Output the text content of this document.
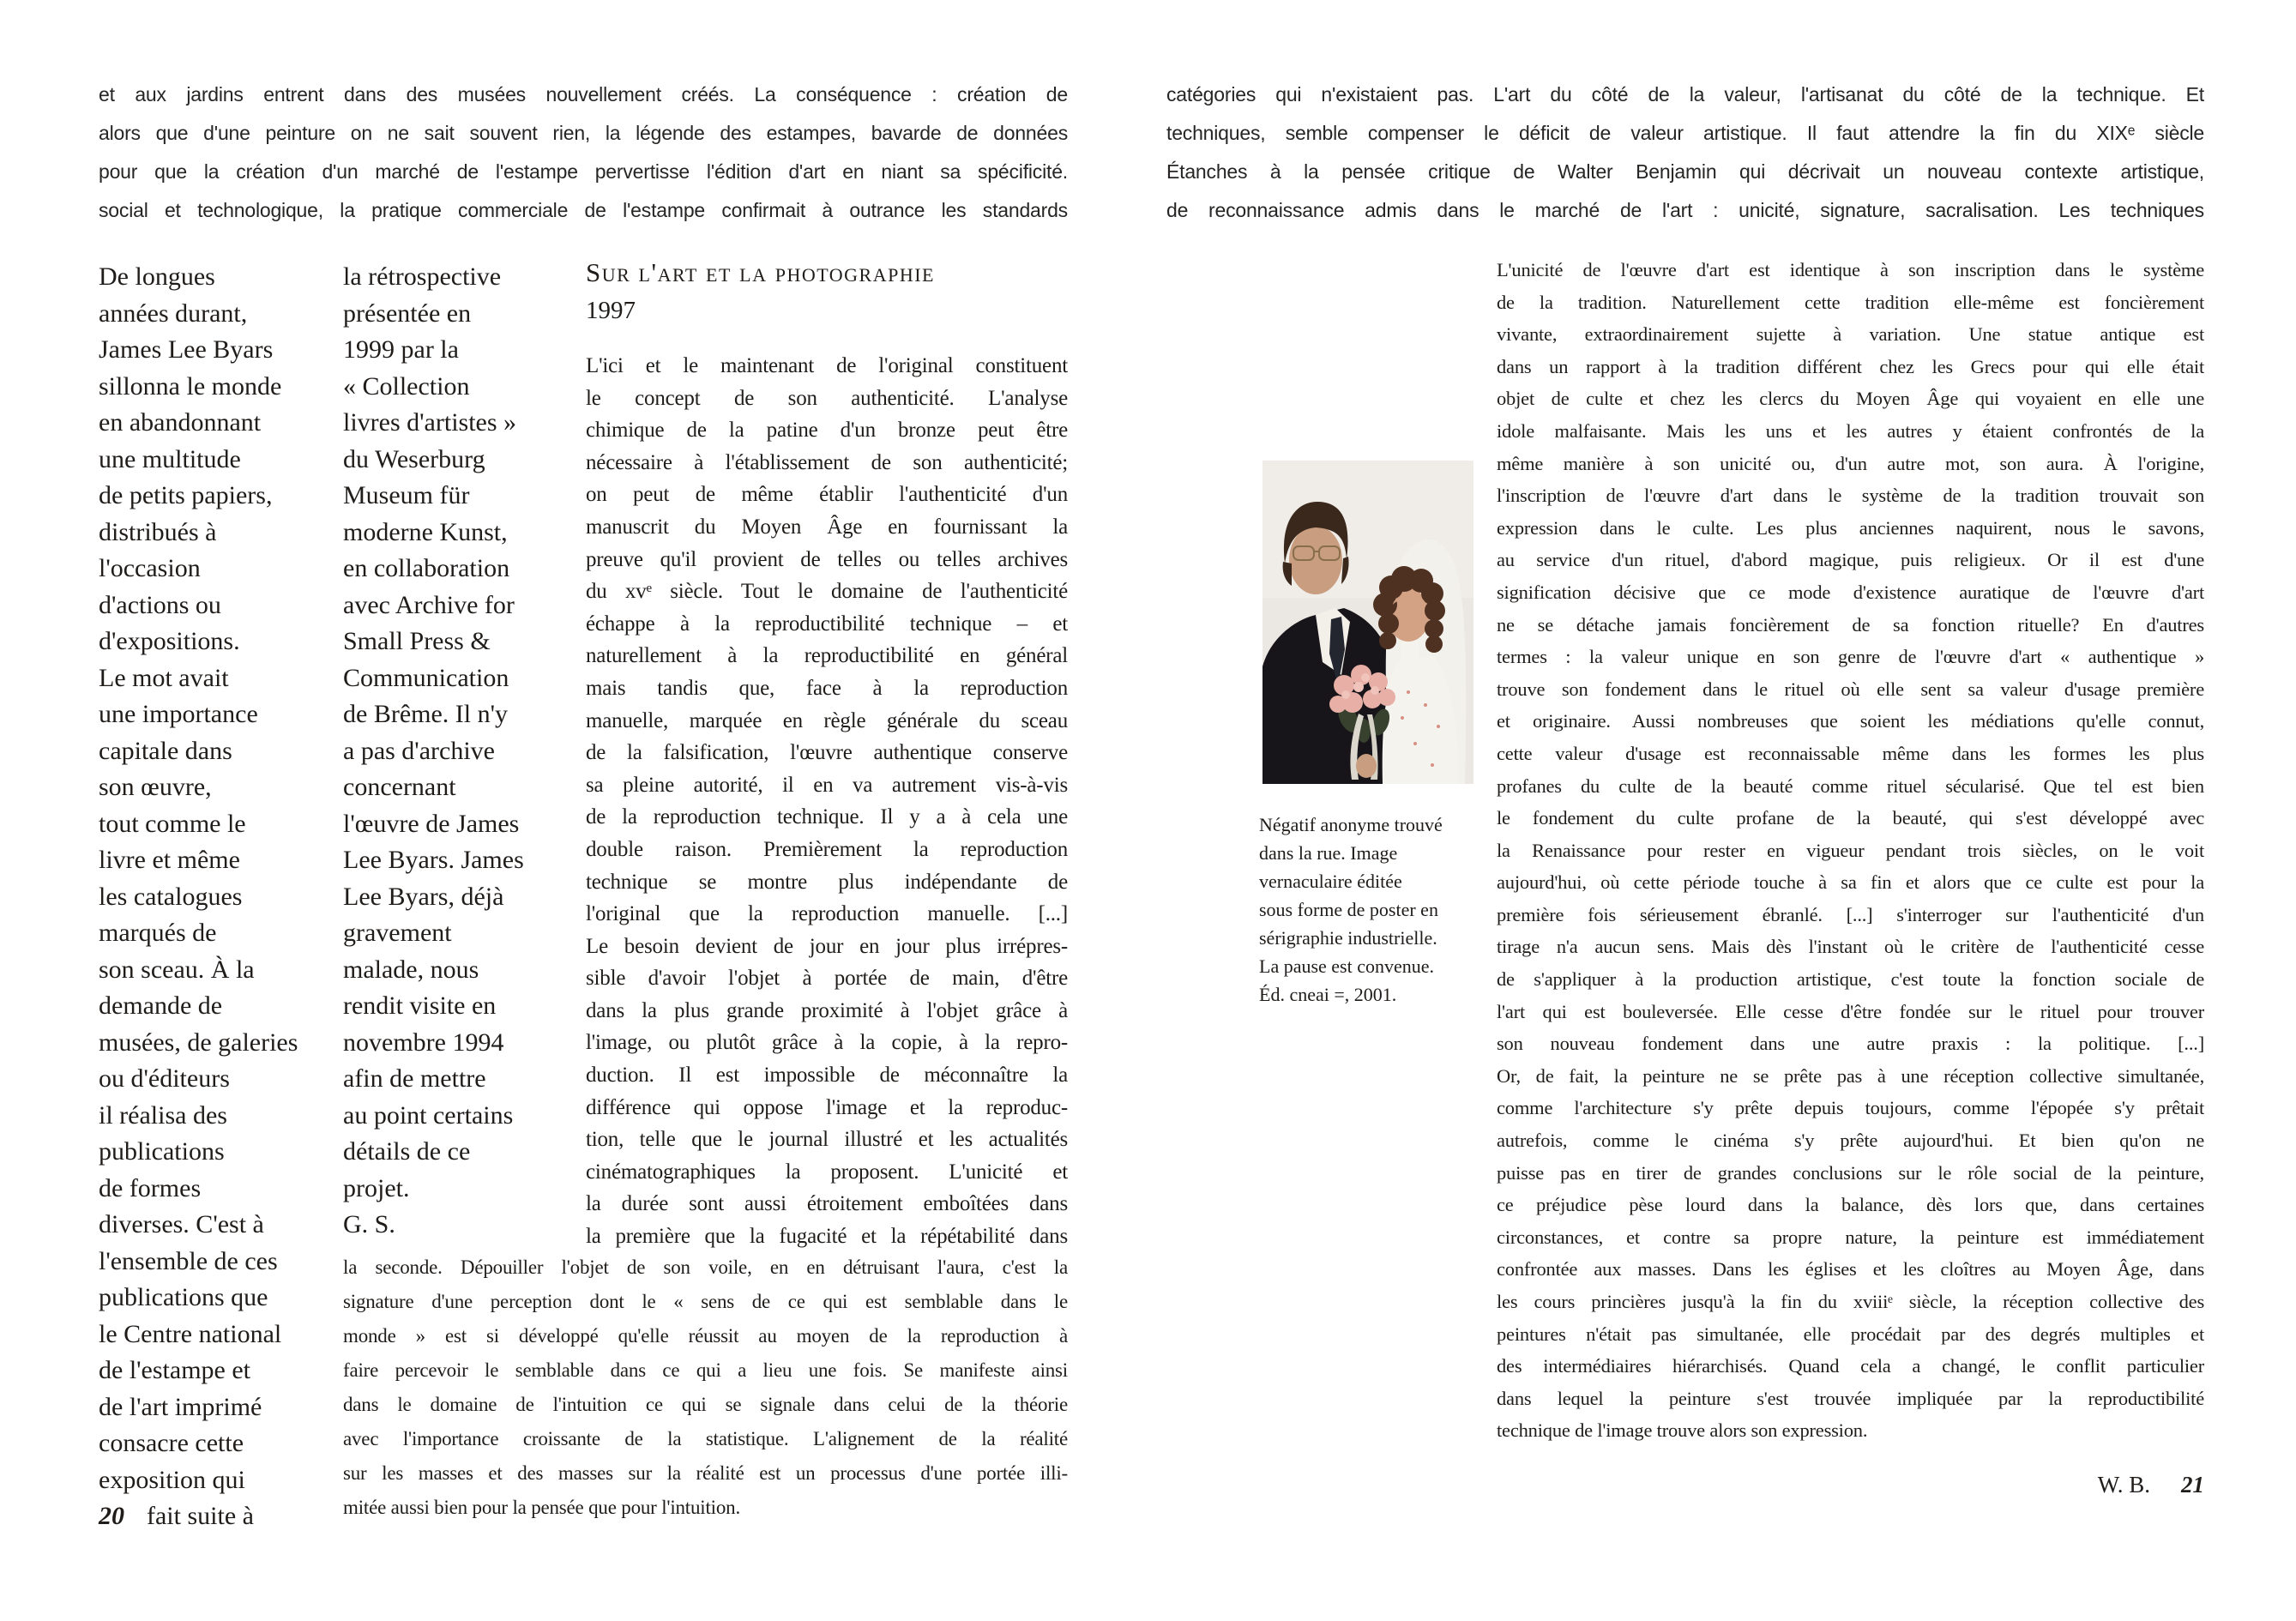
et aux jardins entrent dans des musées nouvellement créés. La conséquence : création de
alors que d'une peinture on ne sait souvent rien, la légende des estampes, bavarde de données
pour que la création d'un marché de l'estampe pervertisse l'édition d'art en niant sa spécificité.
social et technologique, la pratique commerciale de l'estampe confirmait à outrance les standards
catégories qui n'existaient pas. L'art du côté de la valeur, l'artisanat du côté de la technique. Et
techniques, semble compenser le déficit de valeur artistique. Il faut attendre la fin du XIXᵉ siècle
Étanches à la pensée critique de Walter Benjamin qui décrivait un nouveau contexte artistique,
de reconnaissance admis dans le marché de l'art : unicité, signature, sacralisation. Les techniques
De longues
années durant,
James Lee Byars
sillonna le monde
en abandonnant
une multitude
de petits papiers,
distribués à
l'occasion
d'actions ou
d'expositions.
Le mot avait
une importance
capitale dans
son œuvre,
tout comme le
livre et même
les catalogues
marqués de
son sceau. À la
demande de
musées, de galeries
ou d'éditeurs
il réalisa des
publications
de formes
diverses. C'est à
l'ensemble de ces
publications que
le Centre national
de l'estampe et
de l'art imprimé
consacre cette
exposition qui
20 fait suite à
la rétrospective
présentée en
1999 par la
« Collection
livres d'artistes »
du Weserburg
Museum für
moderne Kunst,
en collaboration
avec Archive for
Small Press &
Communication
de Brême. Il n'y
a pas d'archive
concernant
l'œuvre de James
Lee Byars. James
Lee Byars, déjà
gravement
malade, nous
rendit visite en
novembre 1994
afin de mettre
au point certains
détails de ce
projet.
G. S.
Sur l'art et la photographie
1997
L'ici et le maintenant de l'original constituent
le concept de son authenticité. L'analyse
chimique de la patine d'un bronze peut être
nécessaire à l'établissement de son authenticité;
on peut de même établir l'authenticité d'un
manuscrit du Moyen Âge en fournissant la
preuve qu'il provient de telles ou telles archives
du xvᵉ siècle. Tout le domaine de l'authenticité
échappe à la reproductibilité technique – et
naturellement à la reproductibilité en général
mais tandis que, face à la reproduction
manuelle, marquée en règle générale du sceau
de la falsification, l'œuvre authentique conserve
sa pleine autorité, il en va autrement vis-à-vis
de la reproduction technique. Il y a à cela une
double raison. Premièrement la reproduction
technique se montre plus indépendante de
l'original que la reproduction manuelle. [...]
Le besoin devient de jour en jour plus irrépres-
sible d'avoir l'objet à portée de main, d'être
dans la plus grande proximité à l'objet grâce à
l'image, ou plutôt grâce à la copie, à la repro-
duction. Il est impossible de méconnaître la
différence qui oppose l'image et la reproduc-
tion, telle que le journal illustré et les actualités
cinématographiques la proposent. L'unicité et
la durée sont aussi étroitement emboîtées dans
la première que la fugacité et la répétabilité dans
la seconde. Dépouiller l'objet de son voile, en en détruisant l'aura, c'est la
signature d'une perception dont le « sens de ce qui est semblable dans le
monde » est si développé qu'elle réussit au moyen de la reproduction à
faire percevoir le semblable dans ce qui a lieu une fois. Se manifeste ainsi
dans le domaine de l'intuition ce qui se signale dans celui de la théorie
avec l'importance croissante de la statistique. L'alignement de la réalité
sur les masses et des masses sur la réalité est un processus d'une portée illi-
mitée aussi bien pour la pensée que pour l'intuition.
Négatif anonyme trouvé
dans la rue. Image
vernaculaire éditée
sous forme de poster en
sérigraphie industrielle.
La pause est convenue.
Éd. cneai =, 2001.
L'unicité de l'œuvre d'art est identique à son inscription dans le système
de la tradition. Naturellement cette tradition elle-même est foncièrement
vivante, extraordinairement sujette à variation. Une statue antique est
dans un rapport à la tradition différent chez les Grecs pour qui elle était
objet de culte et chez les clercs du Moyen Âge qui voyaient en elle une
idole malfaisante. Mais les uns et les autres y étaient confrontés de la
même manière à son unicité ou, d'un autre mot, son aura. À l'origine,
l'inscription de l'œuvre d'art dans le système de la tradition trouvait son
expression dans le culte. Les plus anciennes naquirent, nous le savons,
au service d'un rituel, d'abord magique, puis religieux. Or il est d'une
signification décisive que ce mode d'existence auratique de l'œuvre d'art
ne se détache jamais foncièrement de sa fonction rituelle? En d'autres
termes : la valeur unique en son genre de l'œuvre d'art « authentique »
trouve son fondement dans le rituel où elle sent sa valeur d'usage première
et originaire. Aussi nombreuses que soient les médiations qu'elle connut,
cette valeur d'usage est reconnaissable même dans les formes les plus
profanes du culte de la beauté comme rituel sécularisé. Que tel est bien
le fondement du culte profane de la beauté, qui s'est développé avec
la Renaissance pour rester en vigueur pendant trois siècles, on le voit
aujourd'hui, où cette période touche à sa fin et alors que ce culte est pour la
première fois sérieusement ébranlé. [...] s'interroger sur l'authenticité d'un
tirage n'a aucun sens. Mais dès l'instant où le critère de l'authenticité cesse
de s'appliquer à la production artistique, c'est toute la fonction sociale de
l'art qui est bouleversée. Elle cesse d'être fondée sur le rituel pour trouver
son nouveau fondement dans une autre praxis : la politique. [...]
Or, de fait, la peinture ne se prête pas à une réception collective simultanée,
comme l'architecture s'y prête depuis toujours, comme l'épopée s'y prêtait
autrefois, comme le cinéma s'y prête aujourd'hui. Et bien qu'on ne
puisse pas en tirer de grandes conclusions sur le rôle social de la peinture,
ce préjudice pèse lourd dans la balance, dès lors que, dans certaines
circonstances, et contre sa propre nature, la peinture est immédiatement
confrontée aux masses. Dans les églises et les cloîtres au Moyen Âge, dans
les cours princières jusqu'à la fin du xviiiᵉ siècle, la réception collective des
peintures n'était pas simultanée, elle procédait par des degrés multiples et
des intermédiaires hiérarchisés. Quand cela a changé, le conflit particulier
dans lequel la peinture s'est trouvée impliquée par la reproductibilité
technique de l'image trouve alors son expression.
W. B. 21
